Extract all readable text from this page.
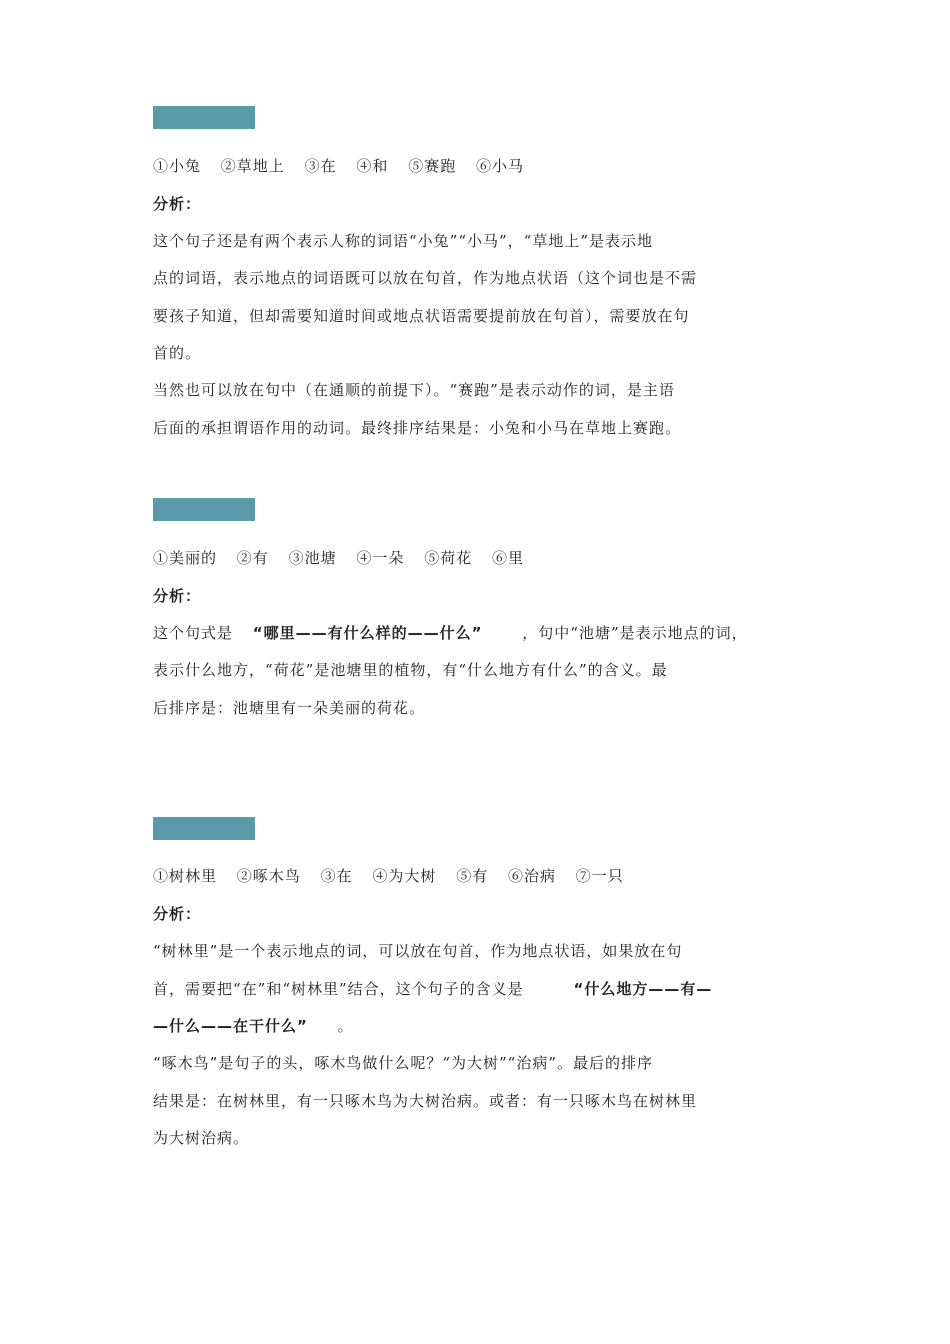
①小兔 ②草地上 ③在 ④和 ⑤赛跑 ⑥小马
分析：
这个句子还是有两个表示人称的词语“小兔”“小马”，“草地上”是表示地
点的词语，表示地点的词语既可以放在句首，作为地点状语（这个词也是不需
要孩子知道，但却需要知道时间或地点状语需要提前放在句首），需要放在句
首的。
当然也可以放在句中（在通顺的前提下）。“赛跑”是表示动作的词，是主语
后面的承担谓语作用的动词。最终排序结果是：小兔和小马在草地上赛跑。
①美丽的 ②有 ③池塘 ④一朵 ⑤荷花 ⑥里
分析：
这个句式是 “哪里——有什么样的——什么”	，句中“池塘”是表示地点的词，
表示什么地方，“荷花”是池塘里的植物，有“什么地方有什么”的含义。最
后排序是：池塘里有一朵美丽的荷花。
①树林里 ②啄木鸟 ③在 ④为大树 ⑤有 ⑥治病 ⑦一只
分析：
“树林里”是一个表示地点的词，可以放在句首，作为地点状语，如果放在句
首，需要把“在”和“树林里”结合，这个句子的含义是	“什么地方——有—
—什么——在干什么” 。
“啄木鸟”是句子的头，啄木鸟做什么呢？“为大树”“治病”。最后的排序
结果是：在树林里，有一只啄木鸟为大树治病。或者：有一只啄木鸟在树林里
为大树治病。
